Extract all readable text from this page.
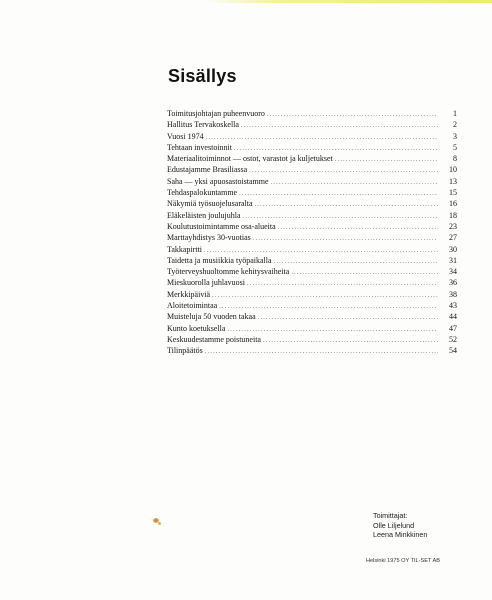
Sisällys
Toimitusjohtajan puheenvuoro .....	1
Hallitus Tervakoskella .....	2
Vuosi 1974 .....	3
Tehtaan investoinnit .....	5
Materiaalitoiminnot — ostot, varastot ja kuljetukset .....	8
Edustajamme Brasiliassa .....	10
Saha — yksi apuosastoistamme .....	13
Tehdaspalokuntamme .....	15
Näkymiä työsuojelusaralta .....	16
Eläkeläisten joulujuhla .....	18
Koulutustoimintamme osa-alueita .....	23
Marttayhdistys 30-vuotias .....	27
Takkapirtti .....	30
Taidetta ja musiikkia työpaikalla .....	31
Työterveyshuoltomme kehitysvaiheita .....	34
Mieskuorolla juhlavuosi .....	36
Merkkipäiviä .....	38
Aloitetoimintaa .....	43
Muisteluja 50 vuoden takaa .....	44
Kunto koetuksella .....	47
Keskuudestamme poistuneita .....	52
Tilinpäätös .....	54
Toimittajat:
Olle Liljelund
Leena Minkkinen
Helsinki 1975 OY TIL-SET AB
